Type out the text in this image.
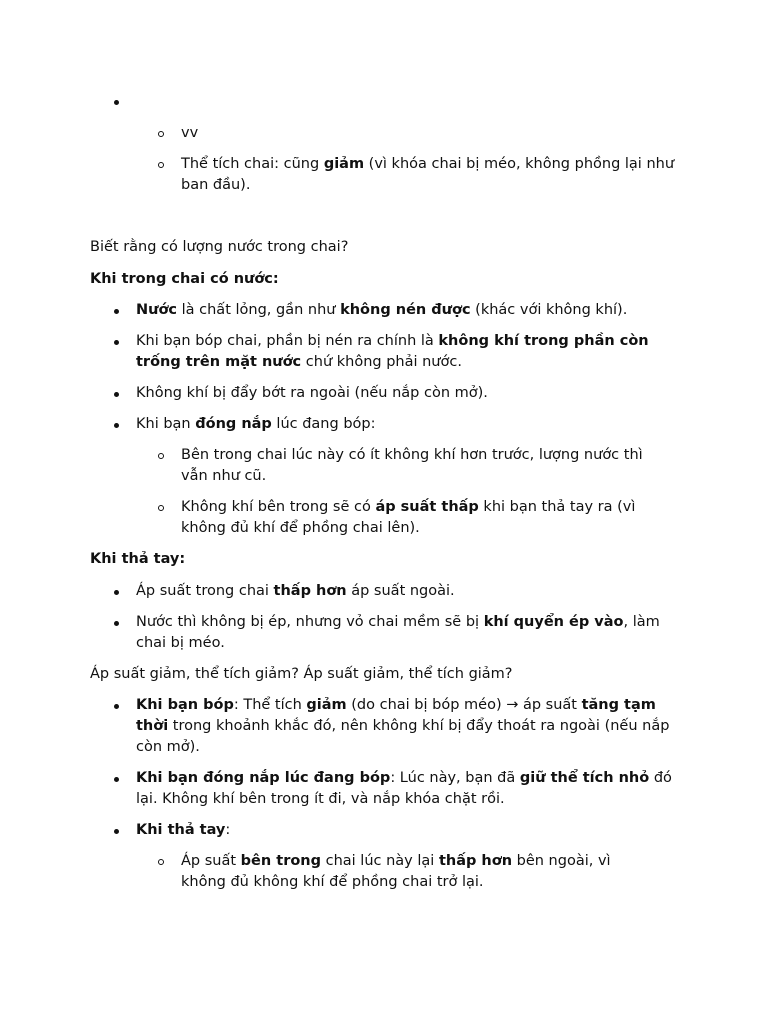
vv
Thể tích chai: cũng giảm (vì khóa chai bị méo, không phồng lại như ban đầu).
Biết rằng có lượng nước trong chai?
Khi trong chai có nước:
Nước là chất lỏng, gần như không nén được (khác với không khí).
Khi bạn bóp chai, phần bị nén ra chính là không khí trong phần còn trống trên mặt nước chứ không phải nước.
Không khí bị đẩy bớt ra ngoài (nếu nắp còn mở).
Khi bạn đóng nắp lúc đang bóp:
Bên trong chai lúc này có ít không khí hơn trước, lượng nước thì vẫn như cũ.
Không khí bên trong sẽ có áp suất thấp khi bạn thả tay ra (vì không đủ khí để phồng chai lên).
Khi thả tay:
Áp suất trong chai thấp hơn áp suất ngoài.
Nước thì không bị ép, nhưng vỏ chai mềm sẽ bị khí quyển ép vào, làm chai bị méo.
Áp suất giảm, thể tích giảm? Áp suất giảm, thể tích giảm?
Khi bạn bóp: Thể tích giảm (do chai bị bóp méo) → áp suất tăng tạm thời trong khoảnh khắc đó, nên không khí bị đẩy thoát ra ngoài (nếu nắp còn mở).
Khi bạn đóng nắp lúc đang bóp: Lúc này, bạn đã giữ thể tích nhỏ đó lại. Không khí bên trong ít đi, và nắp khóa chặt rồi.
Khi thả tay:
Áp suất bên trong chai lúc này lại thấp hơn bên ngoài, vì không đủ không khí để phồng chai trở lại.
